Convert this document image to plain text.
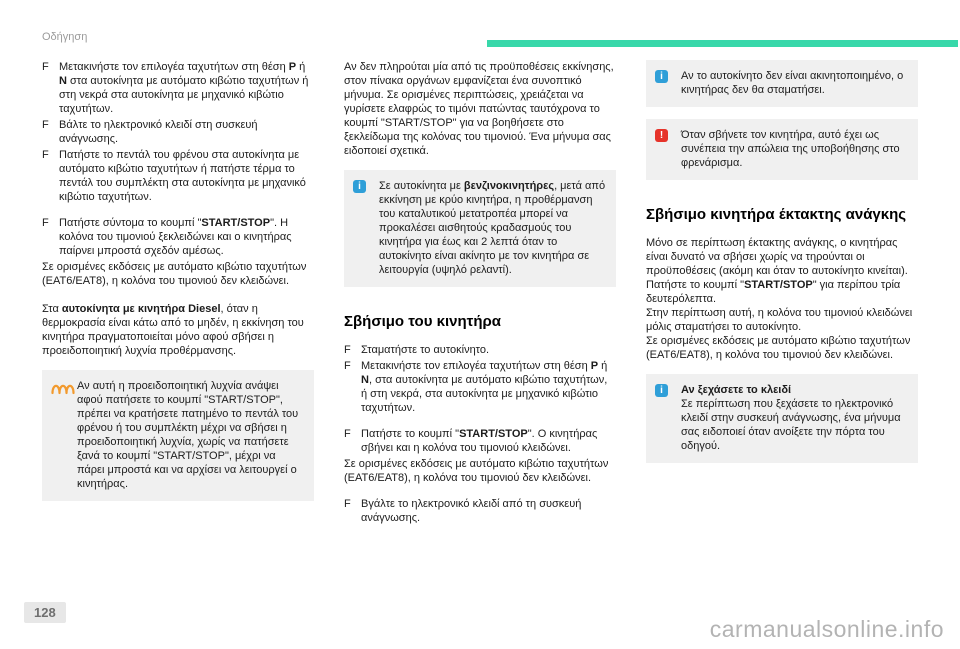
Οδήγηση
F Μετακινήστε τον επιλογέα ταχυτήτων στη θέση P ή N στα αυτοκίνητα με αυτόματο κιβώτιο ταχυτήτων ή στη νεκρά στα αυτοκίνητα με μηχανικό κιβώτιο ταχυτήτων.

F Βάλτε το ηλεκτρονικό κλειδί στη συσκευή ανάγνωσης.

F Πατήστε το πεντάλ του φρένου στα αυτοκίνητα με αυτόματο κιβώτιο ταχυτήτων ή πατήστε τέρμα το πεντάλ του συμπλέκτη στα αυτοκίνητα με μηχανικό κιβώτιο ταχυτήτων.

F Πατήστε σύντομα το κουμπί "START/STOP". Η κολόνα του τιμονιού ξεκλειδώνει και ο κινητήρας παίρνει μπροστά σχεδόν αμέσως.

Σε ορισμένες εκδόσεις με αυτόματο κιβώτιο ταχυτήτων (EAT6/EAT8), η κολόνα του τιμονιού δεν κλειδώνει.

Στα αυτοκίνητα με κινητήρα Diesel, όταν η θερμοκρασία είναι κάτω από το μηδέν, η εκκίνηση του κινητήρα πραγματοποιείται μόνο αφού σβήσει η προειδοποιητική λυχνία προθέρμανσης.

Αν αυτή η προειδοποιητική λυχνία ανάψει αφού πατήσετε το κουμπί "START/STOP", πρέπει να κρατήσετε πατημένο το πεντάλ του φρένου ή του συμπλέκτη μέχρι να σβήσει η προειδοποιητική λυχνία, χωρίς να πατήσετε ξανά το κουμπί "START/STOP", μέχρι να πάρει μπροστά και να αρχίσει να λειτουργεί ο κινητήρας.

Αν δεν πληρούται μία από τις προϋποθέσεις εκκίνησης, στον πίνακα οργάνων εμφανίζεται ένα συνοπτικό μήνυμα. Σε ορισμένες περιπτώσεις, χρειάζεται να γυρίσετε ελαφρώς το τιμόνι πατώντας ταυτόχρονα το κουμπί "START/STOP" για να βοηθήσετε στο ξεκλείδωμα της κολόνας του τιμονιού. Ένα μήνυμα σας ειδοποιεί σχετικά.

i	Σε αυτοκίνητα με βενζινοκινητήρες, μετά από εκκίνηση με κρύο κινητήρα, η προθέρμανση του καταλυτικού μετατροπέα μπορεί να προκαλέσει αισθητούς κραδασμούς του κινητήρα για έως και 2 λεπτά όταν το αυτοκίνητο είναι ακίνητο με τον κινητήρα σε λειτουργία (υψηλό ρελαντί).

Σβήσιμο του κινητήρα
F Σταματήστε το αυτοκίνητο.

F Μετακινήστε τον επιλογέα ταχυτήτων στη θέση P ή N, στα αυτοκίνητα με αυτόματο κιβώτιο ταχυτήτων, ή στη νεκρά, στα αυτοκίνητα με μηχανικό κιβώτιο ταχυτήτων.

F Πατήστε το κουμπί "START/STOP". Ο κινητήρας σβήνει και η κολόνα του τιμονιού κλειδώνει.

Σε ορισμένες εκδόσεις με αυτόματο κιβώτιο ταχυτήτων (EAT6/EAT8), η κολόνα του τιμονιού δεν κλειδώνει.

F Βγάλτε το ηλεκτρονικό κλειδί από τη συσκευή ανάγνωσης.

i	Αν το αυτοκίνητο δεν είναι ακινητοποιημένο, ο κινητήρας δεν θα σταματήσει.

!	Όταν σβήνετε τον κινητήρα, αυτό έχει ως συνέπεια την απώλεια της υποβοήθησης στο φρενάρισμα.

Σβήσιμο κινητήρα έκτακτης ανάγκης

Μόνο σε περίπτωση έκτακτης ανάγκης, ο κινητήρας είναι δυνατό να σβήσει χωρίς να τηρούνται οι προϋποθέσεις (ακόμη και όταν το αυτοκίνητο κινείται).

Πατήστε το κουμπί "START/STOP" για περίπου τρία δευτερόλεπτα.

Στην περίπτωση αυτή, η κολόνα του τιμονιού κλειδώνει μόλις σταματήσει το αυτοκίνητο.

Σε ορισμένες εκδόσεις με αυτόματο κιβώτιο ταχυτήτων (EAT6/EAT8), η κολόνα του τιμονιού δεν κλειδώνει.

i	Αν ξεχάσετε το κλειδί

Σε περίπτωση που ξεχάσετε το ηλεκτρονικό κλειδί στην συσκευή ανάγνωσης, ένα μήνυμα σας ειδοποιεί όταν ανοίξετε την πόρτα του οδηγού.

128
carmanualsonline.info
